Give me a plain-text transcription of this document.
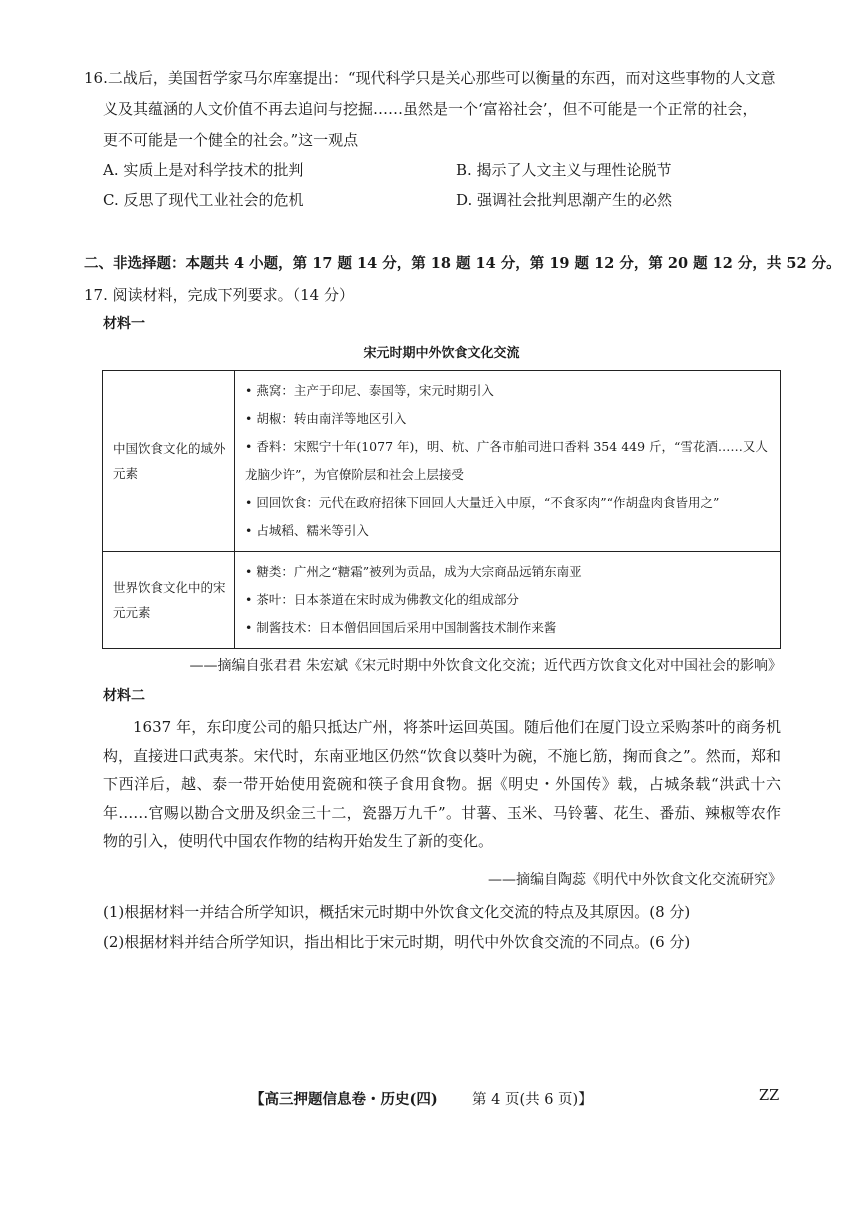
16.二战后，美国哲学家马尔库塞提出：“现代科学只是关心那些可以衡量的东西，而对这些事物的人文意
义及其蕴涵的人文价值不再去追问与挖掘……虽然是一个‘富裕社会’，但不可能是一个正常的社会，
更不可能是一个健全的社会。”这一观点
A. 实质上是对科学技术的批判	B. 揭示了人文主义与理性论脱节
C. 反思了现代工业社会的危机	D. 强调社会批判思潮产生的必然
二、非选择题：本题共 4 小题，第 17 题 14 分，第 18 题 14 分，第 19 题 12 分，第 20 题 12 分，共 52 分。
17. 阅读材料，完成下列要求。（14 分）
材料一
宋元时期中外饮食文化交流
中国饮食文化的域外元素	• 燕窝：主产于印尼、泰国等，宋元时期引入
• 胡椒：转由南洋等地区引入
• 香料：宋熙宁十年(1077 年)，明、杭、广各市舶司进口香料 354 449 斤，“雪花酒……又人龙脑少许”，为官僚阶层和社会上层接受
• 回回饮食：元代在政府招徕下回回人大量迁入中原，“不食豕肉”“作胡盘肉食皆用之”
• 占城稻、糯米等引入

世界饮食文化中的宋元元素	• 糖类：广州之“糖霜”被列为贡品，成为大宗商品远销东南亚
• 茶叶：日本茶道在宋时成为佛教文化的组成部分
• 制酱技术：日本僧侣回国后采用中国制酱技术制作来酱
——摘编自张君君 朱宏斌《宋元时期中外饮食文化交流；近代西方饮食文化对中国社会的影响》
材料二
1637 年，东印度公司的船只抵达广州，将茶叶运回英国。随后他们在厦门设立采购茶叶的商务机构，直接进口武夷茶。宋代时，东南亚地区仍然“饮食以葵叶为碗，不施匕筋，掬而食之”。然而，郑和下西洋后，越、泰一带开始使用瓷碗和筷子食用食物。据《明史・外国传》载，占城条载“洪武十六年……官赐以勘合文册及织金三十二，瓷器万九千”。甘薯、玉米、马铃薯、花生、番茄、辣椒等农作物的引入，使明代中国农作物的结构开始发生了新的变化。
——摘编自陶蕊《明代中外饮食文化交流研究》
(1)根据材料一并结合所学知识，概括宋元时期中外饮食文化交流的特点及其原因。(8 分)
(2)根据材料并结合所学知识，指出相比于宋元时期，明代中外饮食交流的不同点。(6 分)
【高三押题信息卷・历史(四) 第 4 页(共 6 页)】	ZZ
